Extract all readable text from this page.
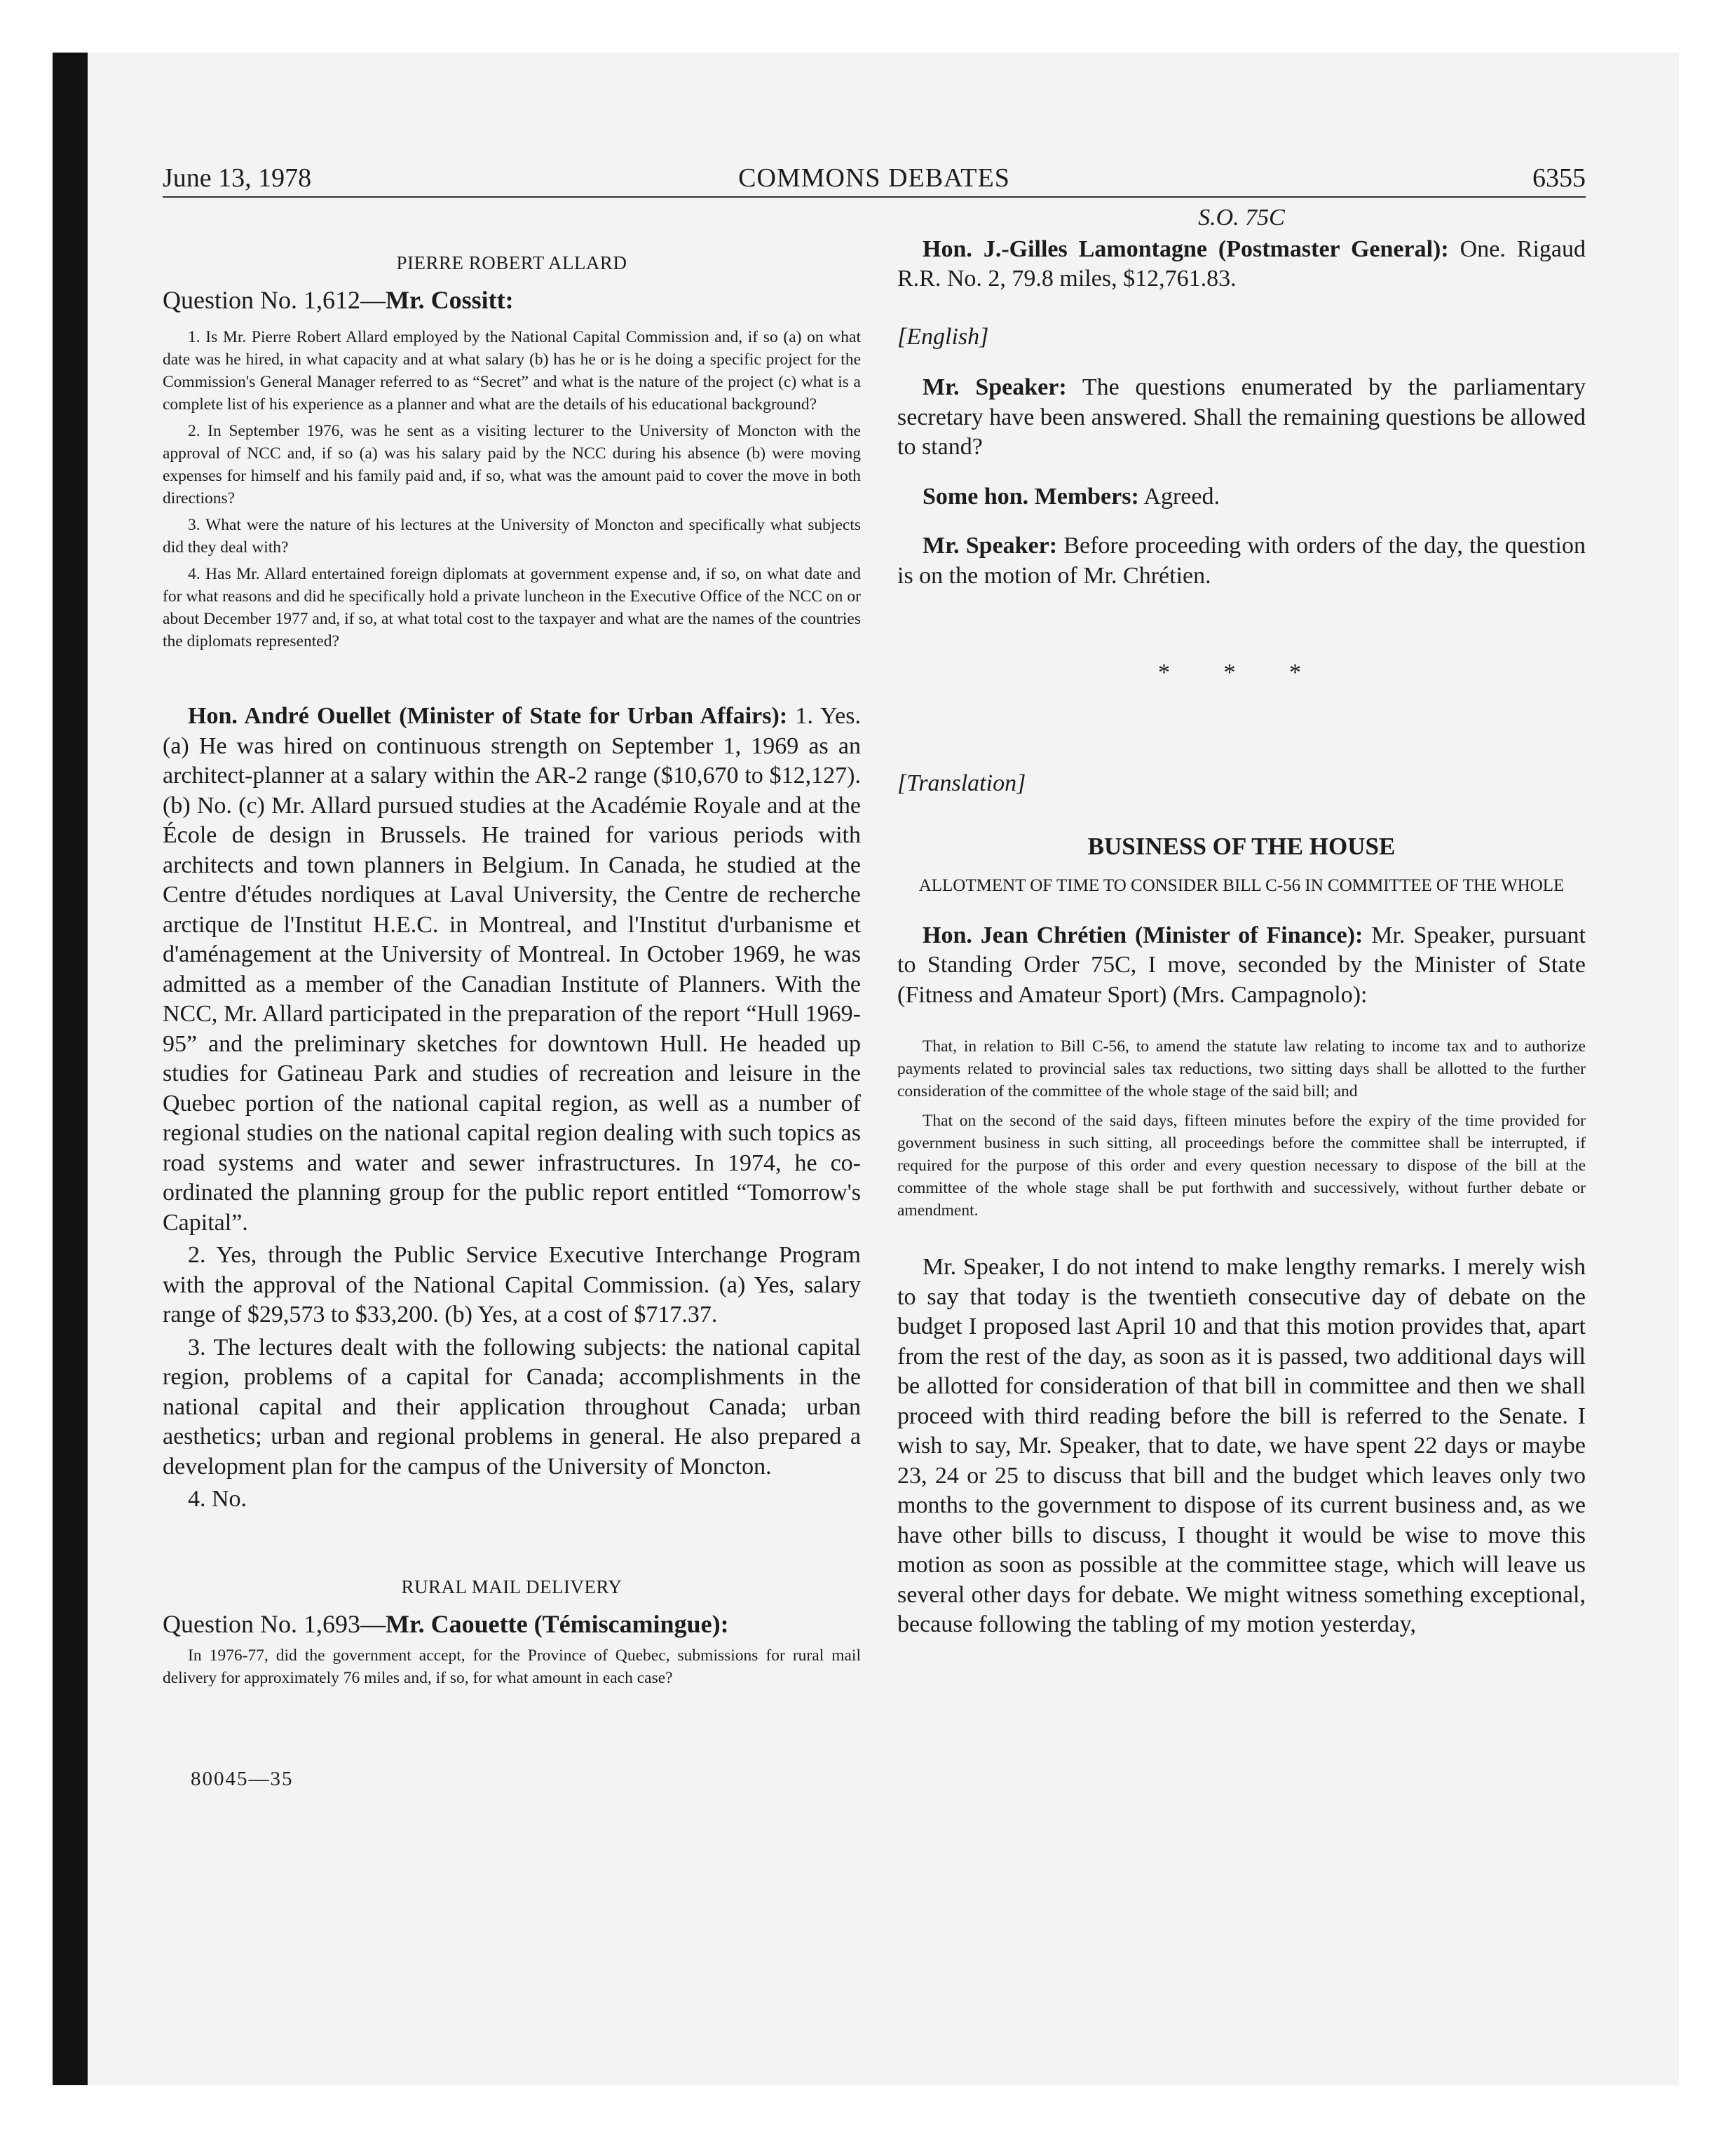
June 13, 1978	COMMONS DEBATES	6355

PIERRE ROBERT ALLARD

Question No. 1,612—Mr. Cossitt:

1. Is Mr. Pierre Robert Allard employed by the National Capital Commission and, if so (a) on what date was he hired, in what capacity and at what salary (b) has he or is he doing a specific project for the Commission's General Manager referred to as “Secret” and what is the nature of the project (c) what is a complete list of his experience as a planner and what are the details of his educational background?

2. In September 1976, was he sent as a visiting lecturer to the University of Moncton with the approval of NCC and, if so (a) was his salary paid by the NCC during his absence (b) were moving expenses for himself and his family paid and, if so, what was the amount paid to cover the move in both directions?

3. What were the nature of his lectures at the University of Moncton and specifically what subjects did they deal with?

4. Has Mr. Allard entertained foreign diplomats at government expense and, if so, on what date and for what reasons and did he specifically hold a private luncheon in the Executive Office of the NCC on or about December 1977 and, if so, at what total cost to the taxpayer and what are the names of the countries the diplomats represented?

Hon. André Ouellet (Minister of State for Urban Affairs): 1. Yes. (a) He was hired on continuous strength on September 1, 1969 as an architect-planner at a salary within the AR-2 range ($10,670 to $12,127). (b) No. (c) Mr. Allard pursued studies at the Académie Royale and at the École de design in Brussels. He trained for various periods with architects and town planners in Belgium. In Canada, he studied at the Centre d'études nordiques at Laval University, the Centre de recherche arctique de l'Institut H.E.C. in Montreal, and l'Institut d'urbanisme et d'aménagement at the University of Montreal. In October 1969, he was admitted as a member of the Canadian Institute of Planners. With the NCC, Mr. Allard participated in the preparation of the report “Hull 1969-95” and the preliminary sketches for downtown Hull. He headed up studies for Gatineau Park and studies of recreation and leisure in the Quebec portion of the national capital region, as well as a number of regional studies on the national capital region dealing with such topics as road systems and water and sewer infrastructures. In 1974, he co-ordinated the planning group for the public report entitled “Tomorrow's Capital”.

2. Yes, through the Public Service Executive Interchange Program with the approval of the National Capital Commission. (a) Yes, salary range of $29,573 to $33,200. (b) Yes, at a cost of $717.37.

3. The lectures dealt with the following subjects: the national capital region, problems of a capital for Canada; accomplishments in the national capital and their application throughout Canada; urban aesthetics; urban and regional problems in general. He also prepared a development plan for the campus of the University of Moncton.

4. No.

RURAL MAIL DELIVERY

Question No. 1,693—Mr. Caouette (Témiscamingue):

In 1976-77, did the government accept, for the Province of Quebec, submissions for rural mail delivery for approximately 76 miles and, if so, for what amount in each case?

80045—35

S.O. 75C

Hon. J.-Gilles Lamontagne (Postmaster General): One. Rigaud R.R. No. 2, 79.8 miles, $12,761.83.

[English]

Mr. Speaker: The questions enumerated by the parliamentary secretary have been answered. Shall the remaining questions be allowed to stand?

Some hon. Members: Agreed.

Mr. Speaker: Before proceeding with orders of the day, the question is on the motion of Mr. Chrétien.

* * *

[Translation]

BUSINESS OF THE HOUSE

ALLOTMENT OF TIME TO CONSIDER BILL C-56 IN COMMITTEE OF THE WHOLE

Hon. Jean Chrétien (Minister of Finance): Mr. Speaker, pursuant to Standing Order 75C, I move, seconded by the Minister of State (Fitness and Amateur Sport) (Mrs. Campagnolo):

That, in relation to Bill C-56, to amend the statute law relating to income tax and to authorize payments related to provincial sales tax reductions, two sitting days shall be allotted to the further consideration of the committee of the whole stage of the said bill; and

That on the second of the said days, fifteen minutes before the expiry of the time provided for government business in such sitting, all proceedings before the committee shall be interrupted, if required for the purpose of this order and every question necessary to dispose of the bill at the committee of the whole stage shall be put forthwith and successively, without further debate or amendment.

Mr. Speaker, I do not intend to make lengthy remarks. I merely wish to say that today is the twentieth consecutive day of debate on the budget I proposed last April 10 and that this motion provides that, apart from the rest of the day, as soon as it is passed, two additional days will be allotted for consideration of that bill in committee and then we shall proceed with third reading before the bill is referred to the Senate. I wish to say, Mr. Speaker, that to date, we have spent 22 days or maybe 23, 24 or 25 to discuss that bill and the budget which leaves only two months to the government to dispose of its current business and, as we have other bills to discuss, I thought it would be wise to move this motion as soon as possible at the committee stage, which will leave us several other days for debate. We might witness something exceptional, because following the tabling of my motion yesterday,
